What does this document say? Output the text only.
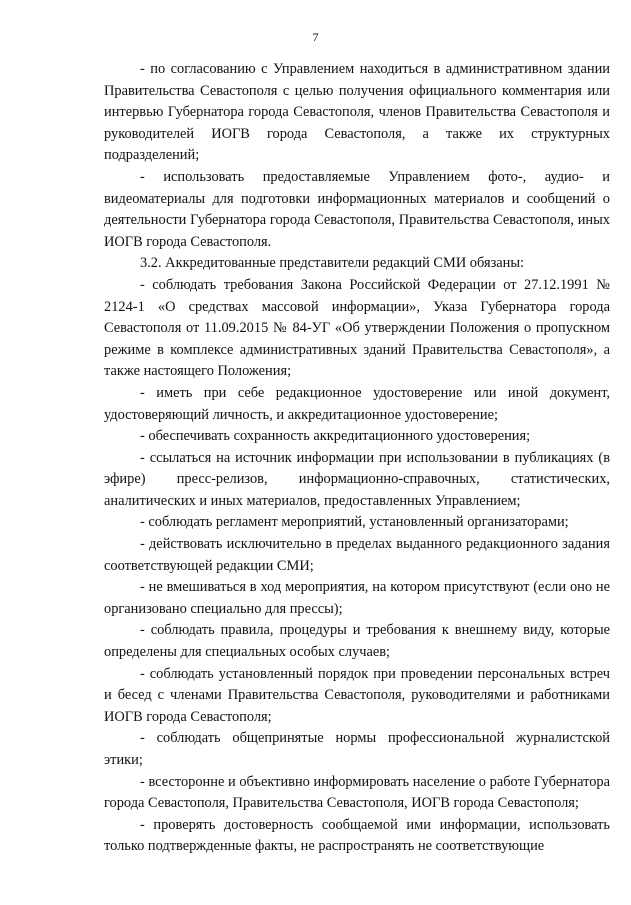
7

- по согласованию с Управлением находиться в административном здании Правительства Севастополя с целью получения официального комментария или интервью Губернатора города Севастополя, членов Правительства Севастополя и руководителей ИОГВ города Севастополя, а также их структурных подразделений;

- использовать предоставляемые Управлением фото-, аудио- и видеоматериалы для подготовки информационных материалов и сообщений о деятельности Губернатора города Севастополя, Правительства Севастополя, иных ИОГВ города Севастополя.

3.2. Аккредитованные представители редакций СМИ обязаны:

- соблюдать требования Закона Российской Федерации от 27.12.1991 № 2124-1 «О средствах массовой информации», Указа Губернатора города Севастополя от 11.09.2015 № 84-УГ «Об утверждении Положения о пропускном режиме в комплексе административных зданий Правительства Севастополя», а также настоящего Положения;

- иметь при себе редакционное удостоверение или иной документ, удостоверяющий личность, и аккредитационное удостоверение;

- обеспечивать сохранность аккредитационного удостоверения;

- ссылаться на источник информации при использовании в публикациях (в эфире) пресс-релизов, информационно-справочных, статистических, аналитических и иных материалов, предоставленных Управлением;

- соблюдать регламент мероприятий, установленный организаторами;

- действовать исключительно в пределах выданного редакционного задания соответствующей редакции СМИ;

- не вмешиваться в ход мероприятия, на котором присутствуют (если оно не организовано специально для прессы);

- соблюдать правила, процедуры и требования к внешнему виду, которые определены для специальных особых случаев;

- соблюдать установленный порядок при проведении персональных встреч и бесед с членами Правительства Севастополя, руководителями и работниками ИОГВ города Севастополя;

- соблюдать общепринятые нормы профессиональной журналистской этики;

- всесторонне и объективно информировать население о работе Губернатора города Севастополя, Правительства Севастополя, ИОГВ города Севастополя;

- проверять достоверность сообщаемой ими информации, использовать только подтвержденные факты, не распространять не соответствующие
